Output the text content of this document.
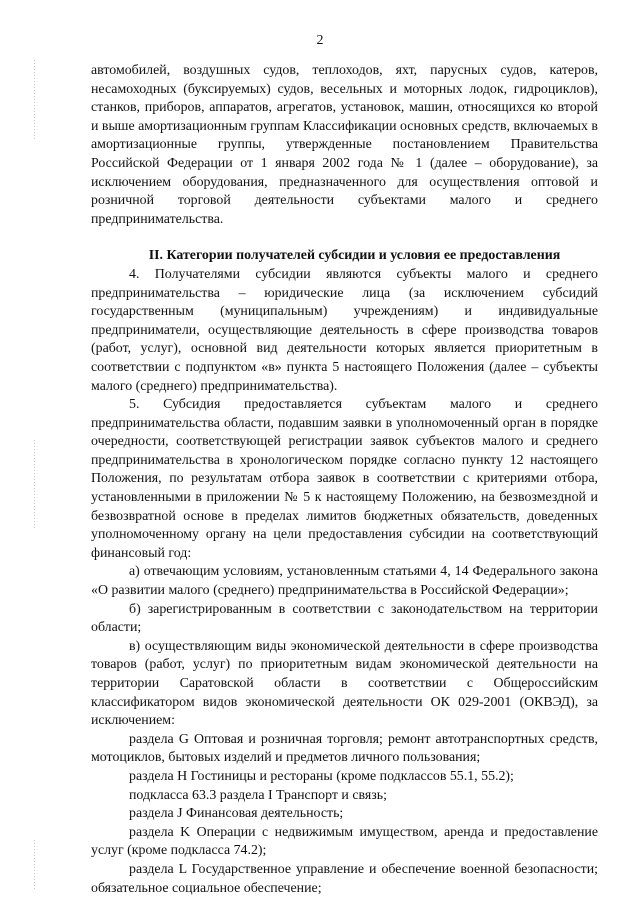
2

автомобилей, воздушных судов, теплоходов, яхт, парусных судов, катеров, несамоходных (буксируемых) судов, весельных и моторных лодок, гидроциклов), станков, приборов, аппаратов, агрегатов, установок, машин, относящихся ко второй и выше амортизационным группам Классификации основных средств, включаемых в амортизационные группы, утвержденные постановлением Правительства Российской Федерации от 1 января 2002 года № 1 (далее – оборудование), за исключением оборудования, предназначенного для осуществления оптовой и розничной торговой деятельности субъектами малого и среднего предпринимательства.

II. Категории получателей субсидии и условия ее предоставления

4. Получателями субсидии являются субъекты малого и среднего предпринимательства – юридические лица (за исключением субсидий государственным (муниципальным) учреждениям) и индивидуальные предприниматели, осуществляющие деятельность в сфере производства товаров (работ, услуг), основной вид деятельности которых является приоритетным в соответствии с подпунктом «в» пункта 5 настоящего Положения (далее – субъекты малого (среднего) предпринимательства).

5. Субсидия предоставляется субъектам малого и среднего предпринимательства области, подавшим заявки в уполномоченный орган в порядке очередности, соответствующей регистрации заявок субъектов малого и среднего предпринимательства в хронологическом порядке согласно пункту 12 настоящего Положения, по результатам отбора заявок в соответствии с критериями отбора, установленными в приложении № 5 к настоящему Положению, на безвозмездной и безвозвратной основе в пределах лимитов бюджетных обязательств, доведенных уполномоченному органу на цели предоставления субсидии на соответствующий финансовый год:

а) отвечающим условиям, установленным статьями 4, 14 Федерального закона «О развитии малого (среднего) предпринимательства в Российской Федерации»;

б) зарегистрированным в соответствии с законодательством на территории области;

в) осуществляющим виды экономической деятельности в сфере производства товаров (работ, услуг) по приоритетным видам экономической деятельности на территории Саратовской области в соответствии с Общероссийским классификатором видов экономической деятельности ОК 029-2001 (ОКВЭД), за исключением:

раздела G Оптовая и розничная торговля; ремонт автотранспортных средств, мотоциклов, бытовых изделий и предметов личного пользования;

раздела H Гостиницы и рестораны (кроме подклассов 55.1, 55.2);

подкласса 63.3 раздела I Транспорт и связь;

раздела J Финансовая деятельность;

раздела K Операции с недвижимым имуществом, аренда и предоставление услуг (кроме подкласса 74.2);

раздела L Государственное управление и обеспечение военной безопасности; обязательное социальное обеспечение;
